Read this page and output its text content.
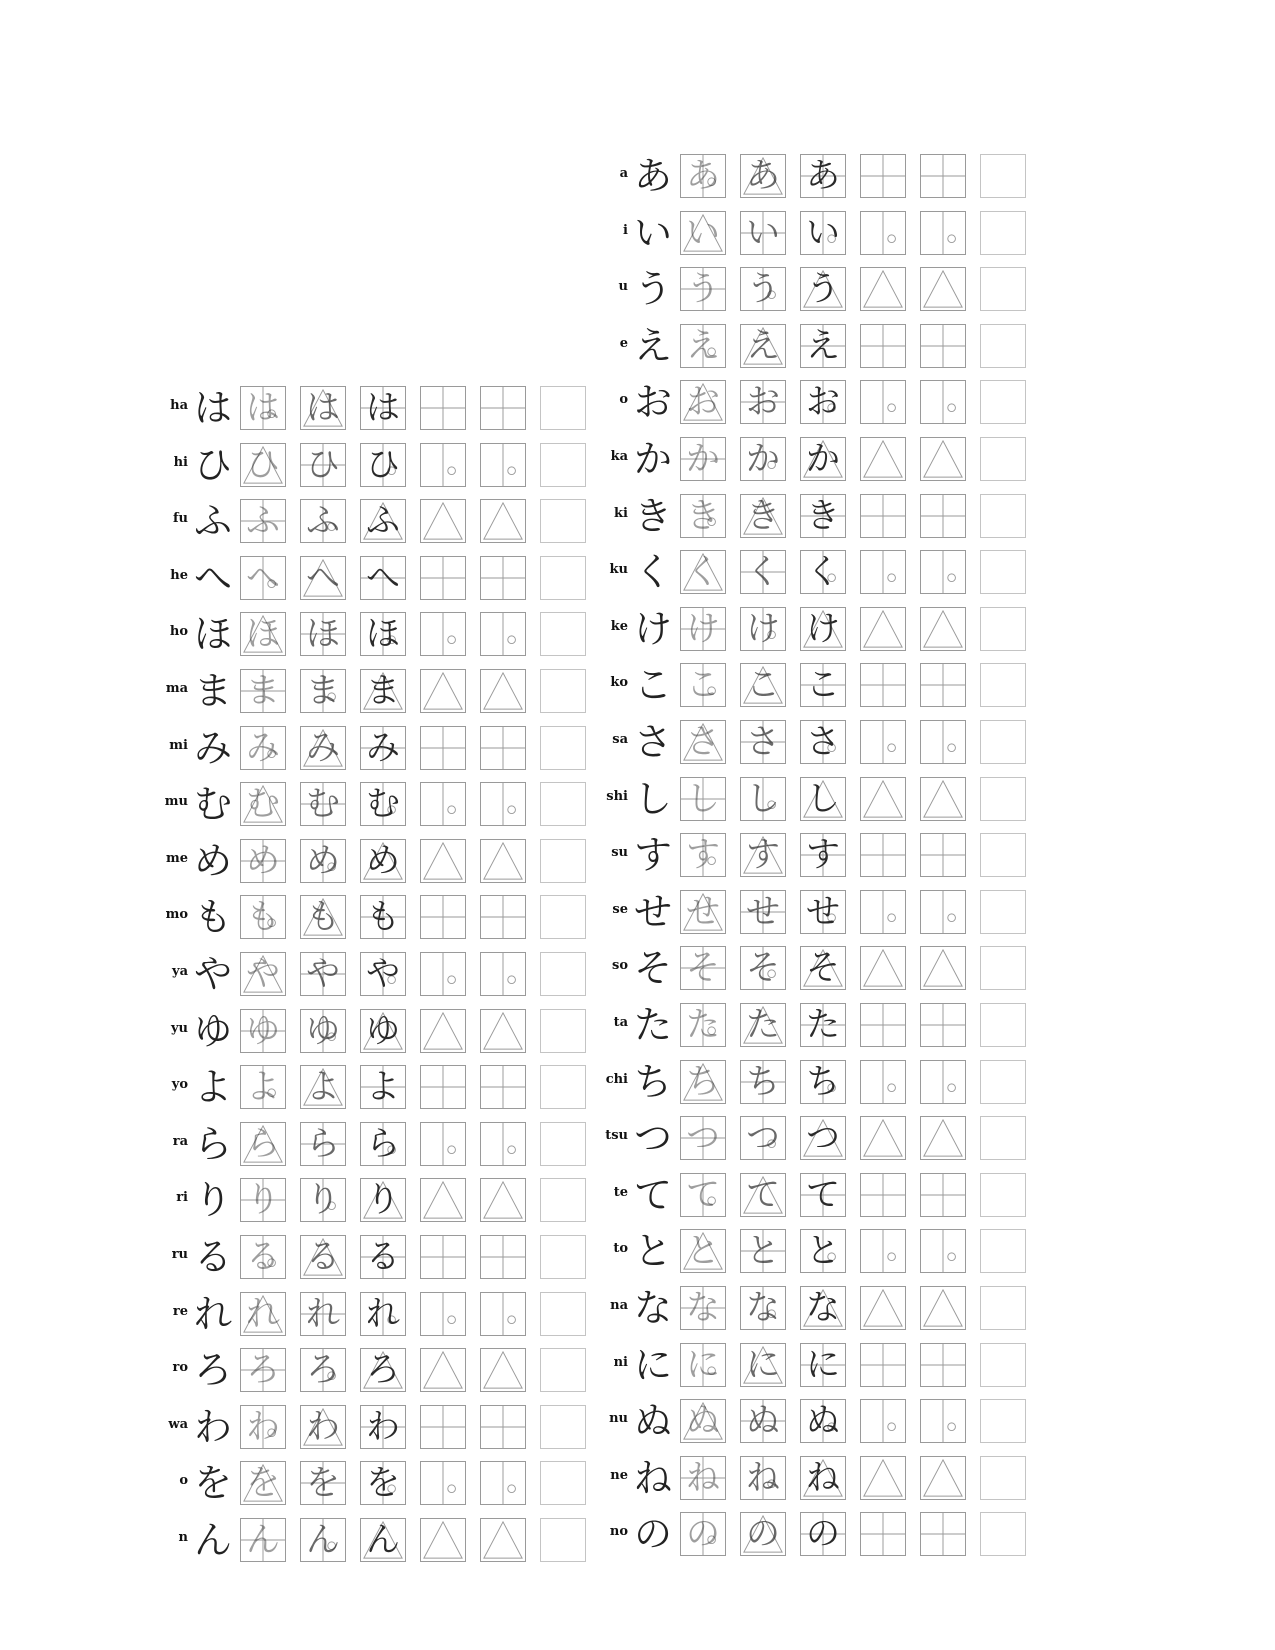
ha は は は は
hi ひ ひ ひ ひ
fu ふ ふ ふ ふ
he へ へ へ へ
ho ほ ほ ほ ほ
ma ま ま ま ま
mi み み み み
mu む む む む
me め め め め
mo も も も も
ya や や や や
yu ゆ ゆ ゆ ゆ
yo よ よ よ よ
ra ら ら ら ら
ri り り り り
ru る る る る
re れ れ れ れ
ro ろ ろ ろ ろ
wa わ わ わ わ
o を を を を
n ん ん ん ん
a あ あ あ あ
i い い い い
u う う う う
e え え え え
o お お お お
ka か か か か
ki き き き き
ku く く く く
ke け け け け
ko こ こ こ こ
sa さ さ さ さ
shi し し し し
su す す す す
se せ せ せ せ
so そ そ そ そ
ta た た た た
chi ち ち ち ち
tsu つ つ つ つ
te て て て て
to と と と と
na な な な な
ni に に に に
nu ぬ ぬ ぬ ぬ
ne ね ね ね ね
no の の の の
